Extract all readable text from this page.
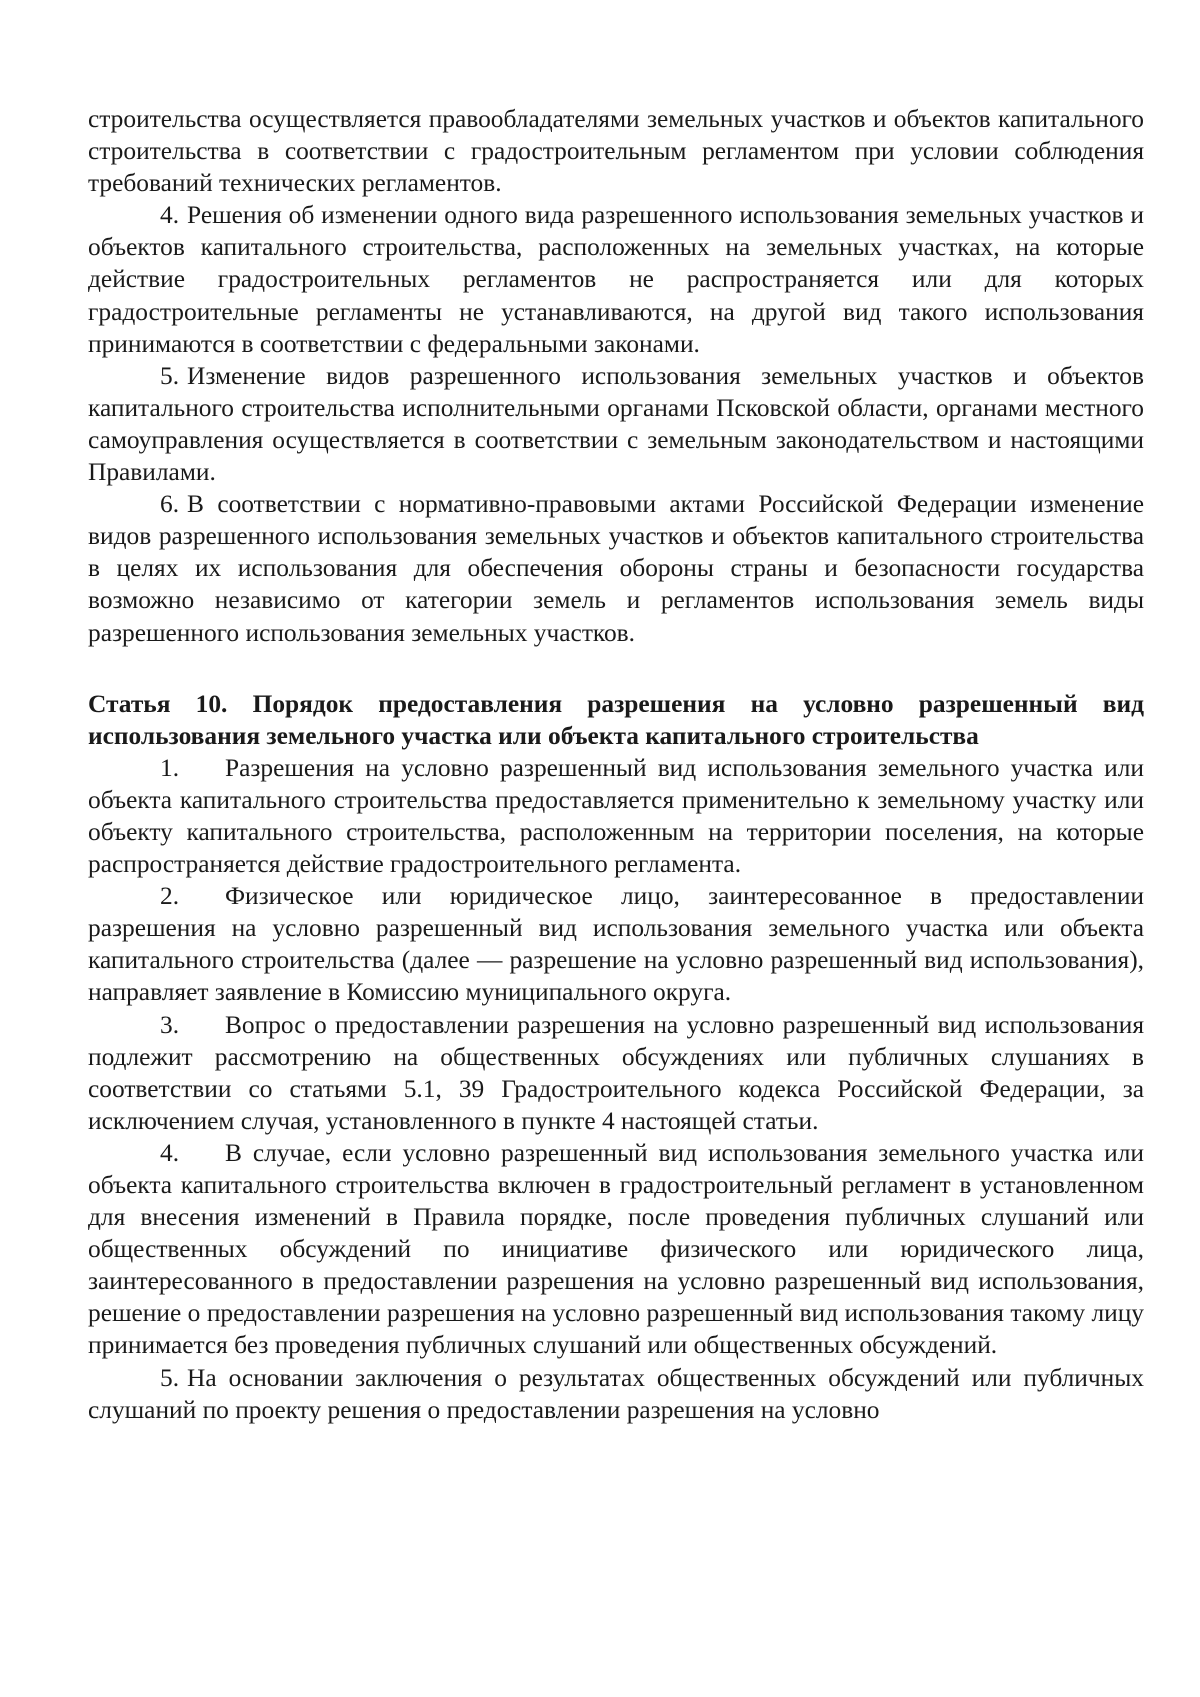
строительства осуществляется правообладателями земельных участков и объектов капитального строительства в соответствии с градостроительным регламентом при условии соблюдения требований технических регламентов.

4. Решения об изменении одного вида разрешенного использования земельных участков и объектов капитального строительства, расположенных на земельных участках, на которые действие градостроительных регламентов не распространяется или для которых градостроительные регламенты не устанавливаются, на другой вид такого использования принимаются в соответствии с федеральными законами.

5. Изменение видов разрешенного использования земельных участков и объектов капитального строительства исполнительными органами Псковской области, органами местного самоуправления осуществляется в соответствии с земельным законодательством и настоящими Правилами.

6. В соответствии с нормативно-правовыми актами Российской Федерации изменение видов разрешенного использования земельных участков и объектов капитального строительства в целях их использования для обеспечения обороны страны и безопасности государства возможно независимо от категории земель и регламентов использования земель виды разрешенного использования земельных участков.

Статья 10. Порядок предоставления разрешения на условно разрешенный вид использования земельного участка или объекта капитального строительства

1. Разрешения на условно разрешенный вид использования земельного участка или объекта капитального строительства предоставляется применительно к земельному участку или объекту капитального строительства, расположенным на территории поселения, на которые распространяется действие градостроительного регламента.

2. Физическое или юридическое лицо, заинтересованное в предоставлении разрешения на условно разрешенный вид использования земельного участка или объекта капитального строительства (далее — разрешение на условно разрешенный вид использования), направляет заявление в Комиссию муниципального округа.

3. Вопрос о предоставлении разрешения на условно разрешенный вид использования подлежит рассмотрению на общественных обсуждениях или публичных слушаниях в соответствии со статьями 5.1, 39 Градостроительного кодекса Российской Федерации, за исключением случая, установленного в пункте 4 настоящей статьи.

4. В случае, если условно разрешенный вид использования земельного участка или объекта капитального строительства включен в градостроительный регламент в установленном для внесения изменений в Правила порядке, после проведения публичных слушаний или общественных обсуждений по инициативе физического или юридического лица, заинтересованного в предоставлении разрешения на условно разрешенный вид использования, решение о предоставлении разрешения на условно разрешенный вид использования такому лицу принимается без проведения публичных слушаний или общественных обсуждений.

5. На основании заключения о результатах общественных обсуждений или публичных слушаний по проекту решения о предоставлении разрешения на условно
